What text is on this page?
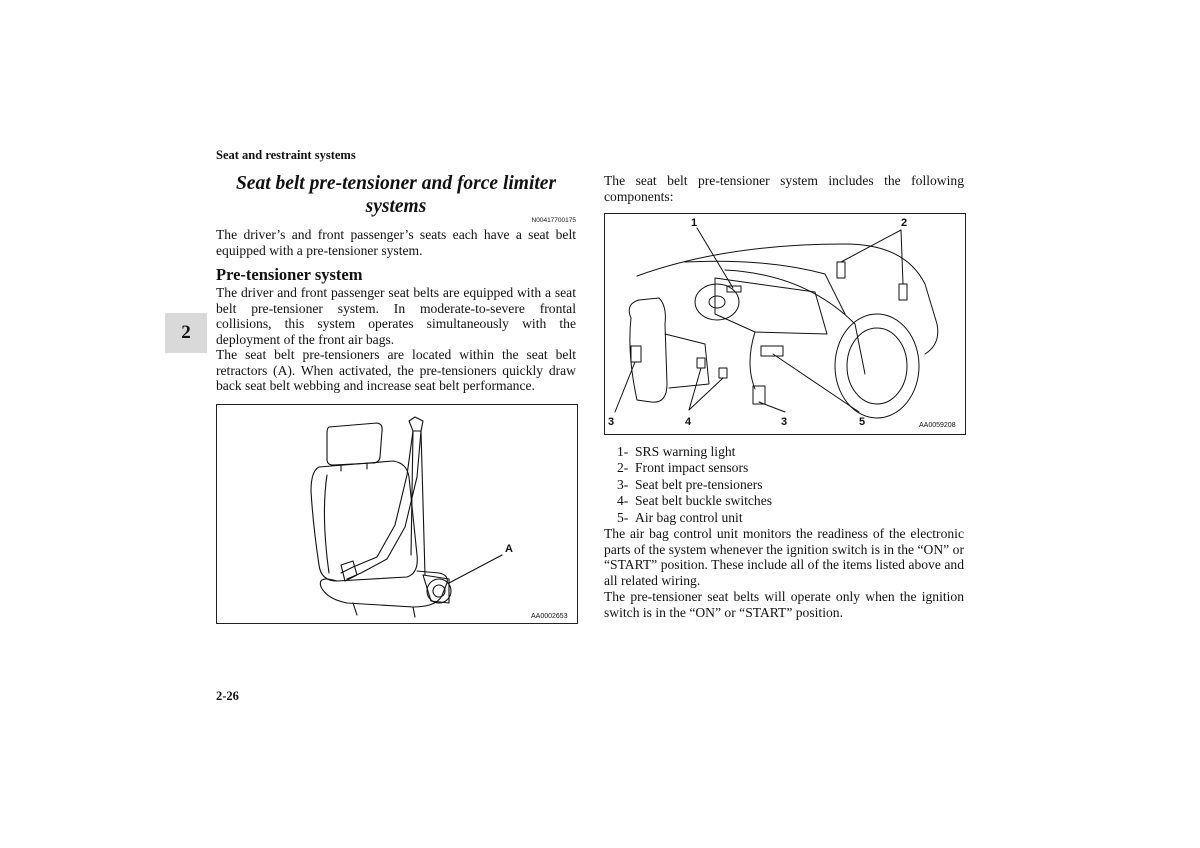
Seat and restraint systems
2
Seat belt pre-tensioner and force limiter systems
N00417700175
The driver’s and front passenger’s seats each have a seat belt equipped with a pre-tensioner system.
Pre-tensioner system
The driver and front passenger seat belts are equipped with a seat belt pre-tensioner system. In moderate-to-severe frontal collisions, this system operates simultaneously with the deployment of the front air bags.
The seat belt pre-tensioners are located within the seat belt retractors (A). When activated, the pre-tensioners quickly draw back seat belt webbing and increase seat belt performance.
A
AA0002653
The seat belt pre-tensioner system includes the following components:
1	2
3	4	3	5	AA0059208
1- SRS warning light
2- Front impact sensors
3- Seat belt pre-tensioners
4- Seat belt buckle switches
5- Air bag control unit
The air bag control unit monitors the readiness of the electronic parts of the system whenever the ignition switch is in the “ON” or “START” position. These include all of the items listed above and all related wiring.
The pre-tensioner seat belts will operate only when the ignition switch is in the “ON” or “START” position.
2-26
